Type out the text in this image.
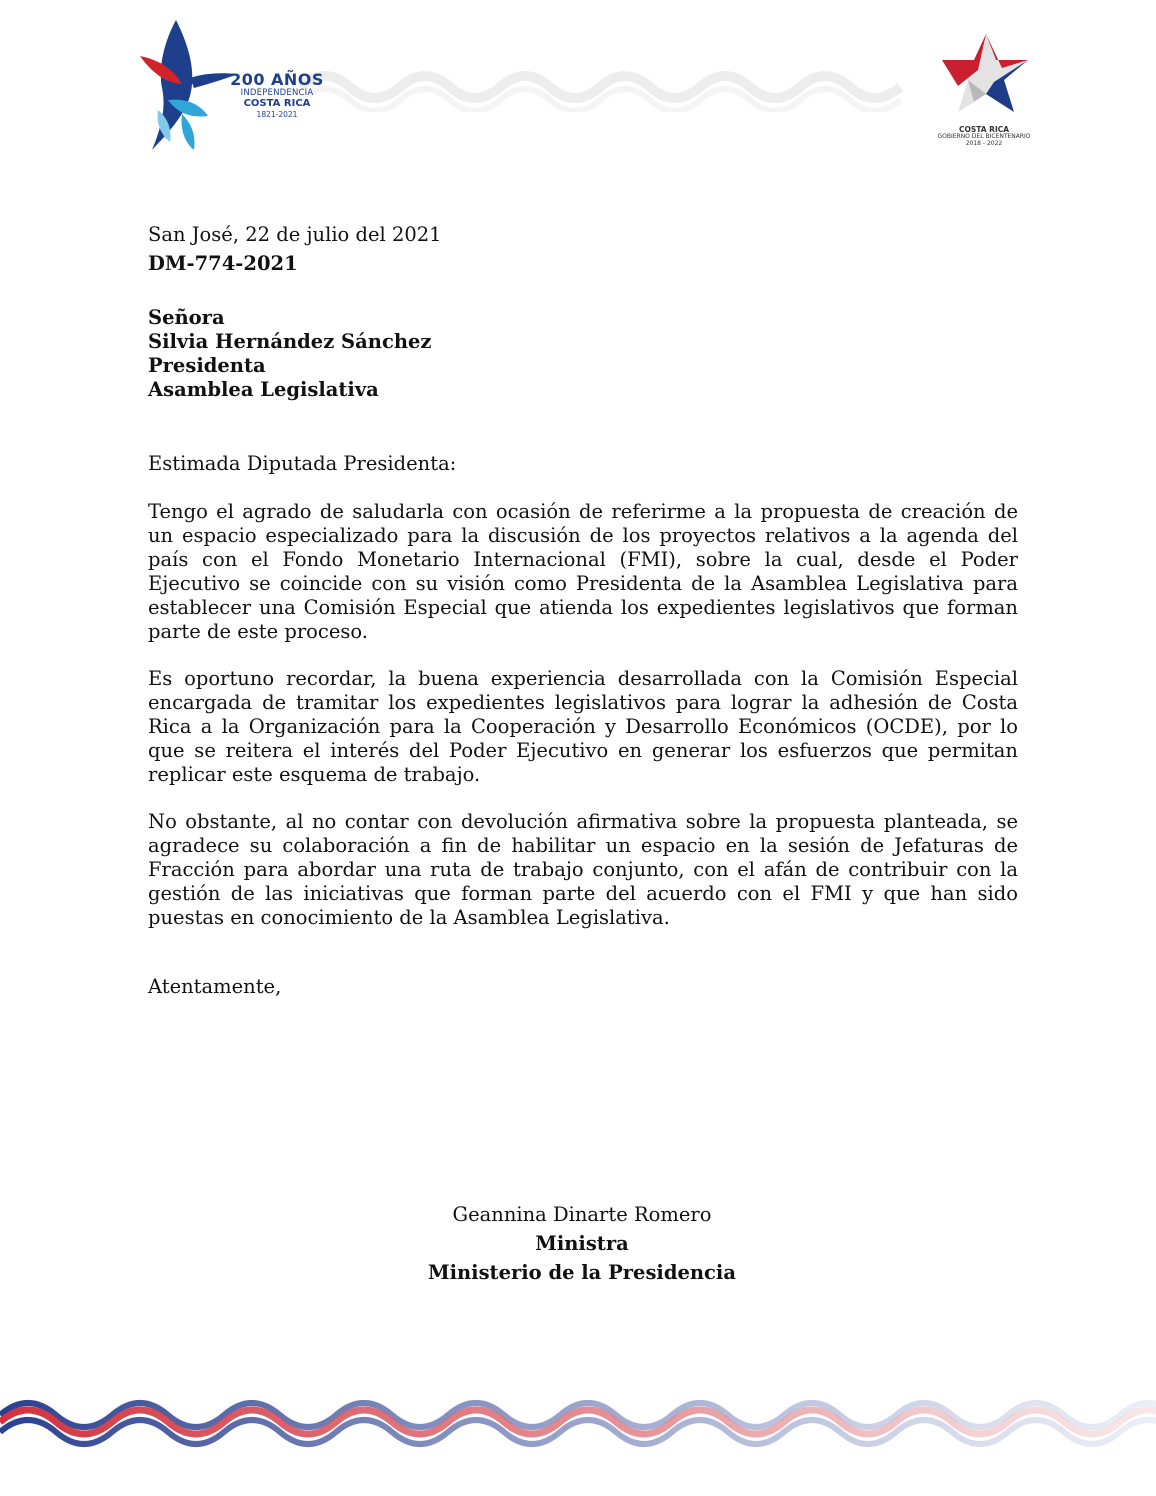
200 AÑOS
INDEPENDENCIA
COSTA RICA
1821-2021
COSTA RICA
GOBIERNO DEL BICENTENARIO
2018 - 2022

San José, 22 de julio del 2021

DM-774-2021

Señora

Silvia Hernández Sánchez

Presidenta

Asamblea Legislativa

Estimada Diputada Presidenta:

Tengo el agrado de saludarla con ocasión de referirme a la propuesta de creación de un espacio especializado para la discusión de los proyectos relativos a la agenda del país con el Fondo Monetario Internacional (FMI), sobre la cual, desde el Poder Ejecutivo se coincide con su visión como Presidenta de la Asamblea Legislativa para establecer una Comisión Especial que atienda los expedientes legislativos que forman parte de este proceso.

Es oportuno recordar, la buena experiencia desarrollada con la Comisión Especial encargada de tramitar los expedientes legislativos para lograr la adhesión de Costa Rica a la Organización para la Cooperación y Desarrollo Económicos (OCDE), por lo que se reitera el interés del Poder Ejecutivo en generar los esfuerzos que permitan replicar este esquema de trabajo.

No obstante, al no contar con devolución afirmativa sobre la propuesta planteada, se agradece su colaboración a fin de habilitar un espacio en la sesión de Jefaturas de Fracción para abordar una ruta de trabajo conjunto, con el afán de contribuir con la gestión de las iniciativas que forman parte del acuerdo con el FMI y que han sido puestas en conocimiento de la Asamblea Legislativa.

Atentamente,

Geannina Dinarte Romero

Ministra

Ministerio de la Presidencia
